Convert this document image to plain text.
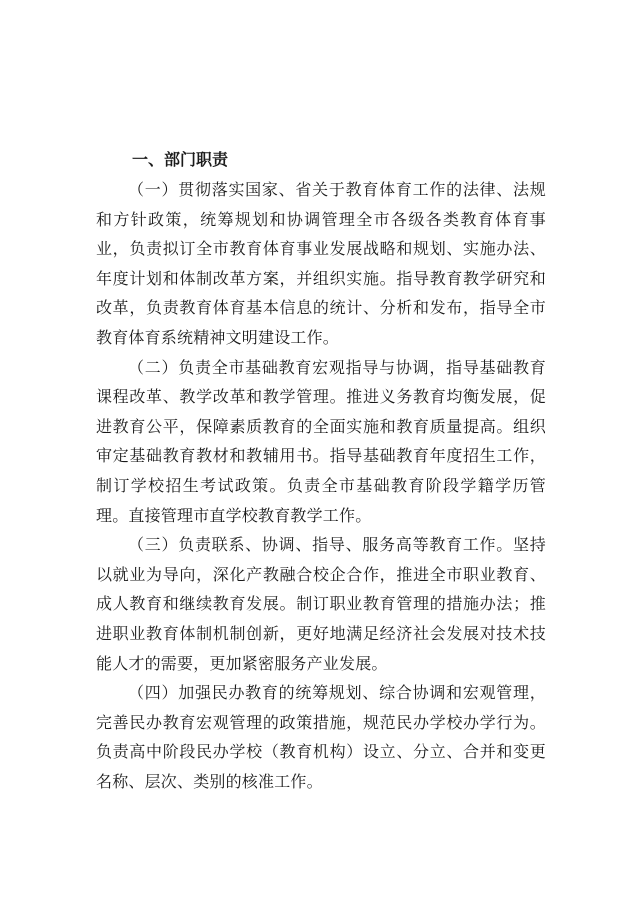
一、部门职责

（一）贯彻落实国家、省关于教育体育工作的法律、法规和方针政策，统筹规划和协调管理全市各级各类教育体育事业，负责拟订全市教育体育事业发展战略和规划、实施办法、年度计划和体制改革方案，并组织实施。指导教育教学研究和改革，负责教育体育基本信息的统计、分析和发布，指导全市教育体育系统精神文明建设工作。

（二）负责全市基础教育宏观指导与协调，指导基础教育课程改革、教学改革和教学管理。推进义务教育均衡发展，促进教育公平，保障素质教育的全面实施和教育质量提高。组织审定基础教育教材和教辅用书。指导基础教育年度招生工作，制订学校招生考试政策。负责全市基础教育阶段学籍学历管理。直接管理市直学校教育教学工作。

（三）负责联系、协调、指导、服务高等教育工作。坚持以就业为导向，深化产教融合校企合作，推进全市职业教育、成人教育和继续教育发展。制订职业教育管理的措施办法；推进职业教育体制机制创新，更好地满足经济社会发展对技术技能人才的需要，更加紧密服务产业发展。

（四）加强民办教育的统筹规划、综合协调和宏观管理，完善民办教育宏观管理的政策措施，规范民办学校办学行为。负责高中阶段民办学校（教育机构）设立、分立、合并和变更名称、层次、类别的核准工作。
